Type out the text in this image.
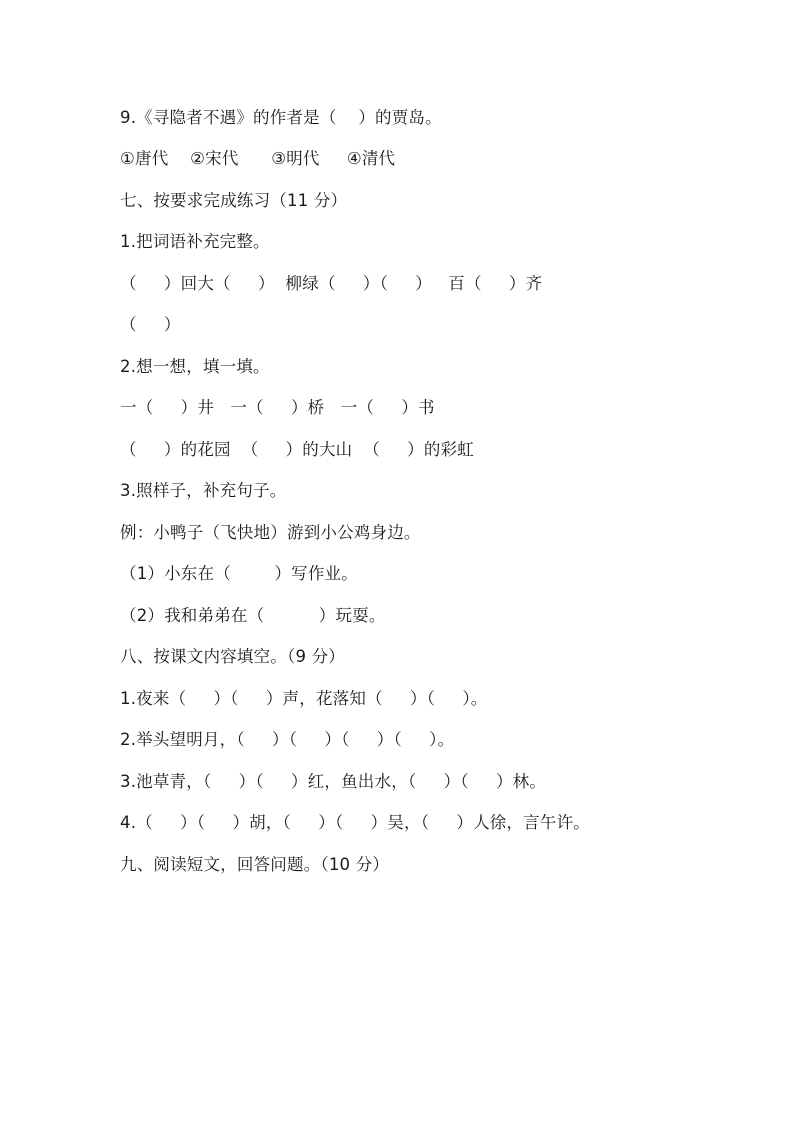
9.《寻隐者不遇》的作者是（    ）的贾岛。
①唐代    ②宋代      ③明代     ④清代
七、按要求完成练习（11 分）
1.把词语补充完整。
（     ）回大（     ）  柳绿（     ）（     ）   百（     ）齐
（     ）
2.想一想，填一填。
一（     ）井   一（     ）桥   一（     ）书
（     ）的花园  （     ）的大山  （     ）的彩虹
3.照样子，补充句子。
例：小鸭子（飞快地）游到小公鸡身边。
（1）小东在（        ）写作业。
（2）我和弟弟在（          ）玩耍。
八、按课文内容填空。（9 分）
1.夜来（     ）（     ）声，花落知（     ）（     ）。
2.举头望明月，（     ）（     ）（     ）（     ）。
3.池草青，（     ）（     ）红，鱼出水，（     ）（     ）林。
4.（     ）（     ）胡，（     ）（     ）吴，（     ）人徐，言午许。
九、阅读短文，回答问题。（10 分）
